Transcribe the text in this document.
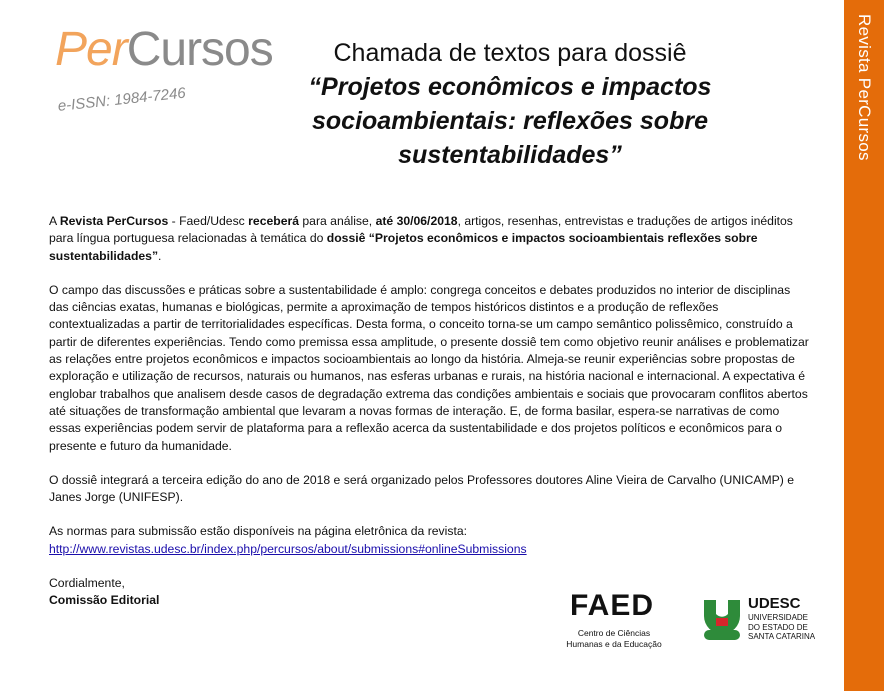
Revista PerCursos
PerCursos
e-ISSN: 1984-7246
Chamada de textos para dossiê
“Projetos econômicos e impactos socioambientais: reflexões sobre sustentabilidades”

A Revista PerCursos - Faed/Udesc receberá para análise, até 30/06/2018, artigos, resenhas, entrevistas e traduções de artigos inéditos para língua portuguesa relacionadas à temática do dossiê “Projetos econômicos e impactos socioambientais reflexões sobre sustentabilidades”.

O campo das discussões e práticas sobre a sustentabilidade é amplo: congrega conceitos e debates produzidos no interior de disciplinas das ciências exatas, humanas e biológicas, permite a aproximação de tempos históricos distintos e a produção de reflexões contextualizadas a partir de territorialidades específicas. Desta forma, o conceito torna-se um campo semântico polissêmico, construído a partir de diferentes experiências. Tendo como premissa essa amplitude, o presente dossiê tem como objetivo reunir análises e problematizar as relações entre projetos econômicos e impactos socioambientais ao longo da história. Almeja-se reunir experiências sobre propostas de exploração e utilização de recursos, naturais ou humanos, nas esferas urbanas e rurais, na história nacional e internacional. A expectativa é englobar trabalhos que analisem desde casos de degradação extrema das condições ambientais e sociais que provocaram conflitos abertos até situações de transformação ambiental que levaram a novas formas de interação. E, de forma basilar, espera-se narrativas de como essas experiências podem servir de plataforma para a reflexão acerca da sustentabilidade e dos projetos políticos e econômicos para o presente e futuro da humanidade.

O dossiê integrará a terceira edição do ano de 2018 e será organizado pelos Professores doutores Aline Vieira de Carvalho (UNICAMP) e Janes Jorge (UNIFESP).

As normas para submissão estão disponíveis na página eletrônica da revista:
http://www.revistas.udesc.br/index.php/percursos/about/submissions#onlineSubmissions

Cordialmente,
Comissão Editorial	FAED
Centro de Ciências Humanas e da Educação
UDESC
UNIVERSIDADE
DO ESTADO DE
SANTA CATARINA
